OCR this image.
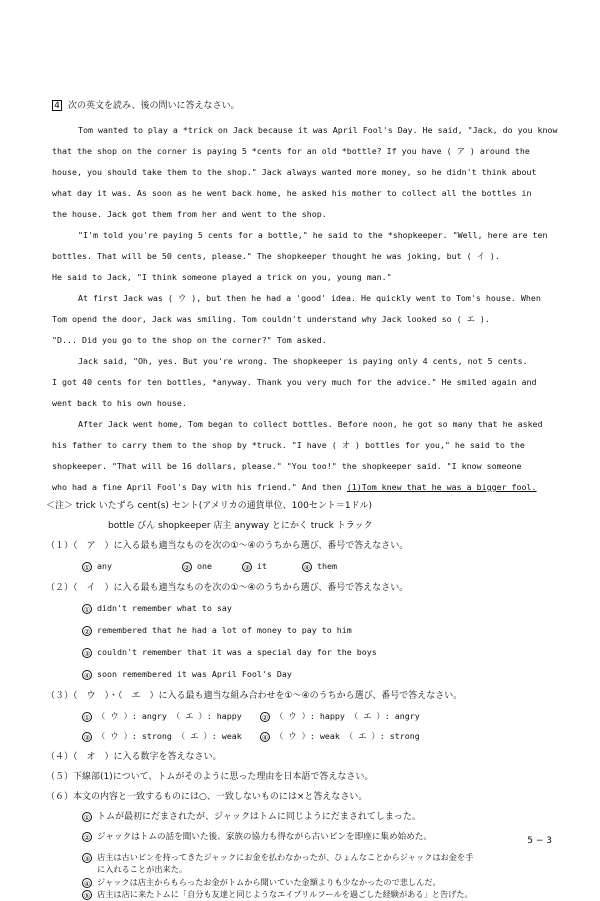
4 次の英文を読み、後の問いに答えなさい。
Tom wanted to play a *trick on Jack because it was April Fool's Day. He said, "Jack, do you know
that the shop on the corner is paying 5 *cents for an old *bottle? If you have ( ア ) around the
house, you should take them to the shop." Jack always wanted more money, so he didn't think about
what day it was. As soon as he went back home, he asked his mother to collect all the bottles in
the house. Jack got them from her and went to the shop.
"I'm told you're paying 5 cents for a bottle," he said to the *shopkeeper. "Well, here are ten
bottles. That will be 50 cents, please." The shopkeeper thought he was joking, but ( イ ).
He said to Jack, "I think someone played a trick on you, young man."
At first Jack was ( ウ ), but then he had a 'good' idea. He quickly went to Tom's house. When
Tom opend the door, Jack was smiling. Tom couldn't understand why Jack looked so ( エ ).
"D... Did you go to the shop on the corner?" Tom asked.
Jack said, "Oh, yes. But you're wrong. The shopkeeper is paying only 4 cents, not 5 cents.
I got 40 cents for ten bottles, *anyway. Thank you very much for the advice." He smiled again and
went back to his own house.
After Jack went home, Tom began to collect bottles. Before noon, he got so many that he asked
his father to carry them to the shop by *truck. "I have ( オ ) bottles for you," he said to the
shopkeeper. "That will be 16 dollars, please." "You too!" the shopkeeper said. "I know someone
who had a fine April Fool's Day with his friend." And then (1)Tom knew that he was a bigger fool.
＜注＞ trick いたずら cent(s) セント(アメリカの通貨単位、100セント＝1ドル)
bottle びん shopkeeper 店主 anyway とにかく truck トラック
（１）（　ア　）に入る最も適当なものを次の①～④のうちから選び、番号で答えなさい。
① any	② one	③ it	④ them
（２）（　イ　）に入る最も適当なものを次の①～④のうちから選び、番号で答えなさい。
① didn't remember what to say
② remembered that he had a lot of money to pay to him
③ couldn't remember that it was a special day for the boys
④ soon remembered it was April Fool's Day
（３）（　ウ　）・（　エ　）に入る最も適当な組み合わせを①～④のうちから選び、番号で答えなさい。
① （ ウ ）: angry （ エ ）: happy	② （ ウ ）: happy （ エ ）: angry
③ （ ウ ）: strong （ エ ）: weak	④ （ ウ ）: weak （ エ ）: strong
（４）（　オ　）に入る数字を答えなさい。
（５）下線部(1)について、トムがそのように思った理由を日本語で答えなさい。
（６）本文の内容と一致するものには○、一致しないものには×と答えなさい。
① トムが最初にだまされたが、ジャックはトムに同じようにだまされてしまった。
② ジャックはトムの話を聞いた後、家族の協力も得ながら古いビンを即座に集め始めた。
③ 店主は古いビンを持ってきたジャックにお金を払わなかったが、ひょんなことからジャックはお金を手
に入れることが出来た。
④ ジャックは店主からもらったお金がトムから聞いていた金額よりも少なかったので悲しんだ。
⑤ 店主は店に来たトムに「自分も友達と同じようなエイプリルフールを過ごした経験がある」と告げた。
5 − 3
